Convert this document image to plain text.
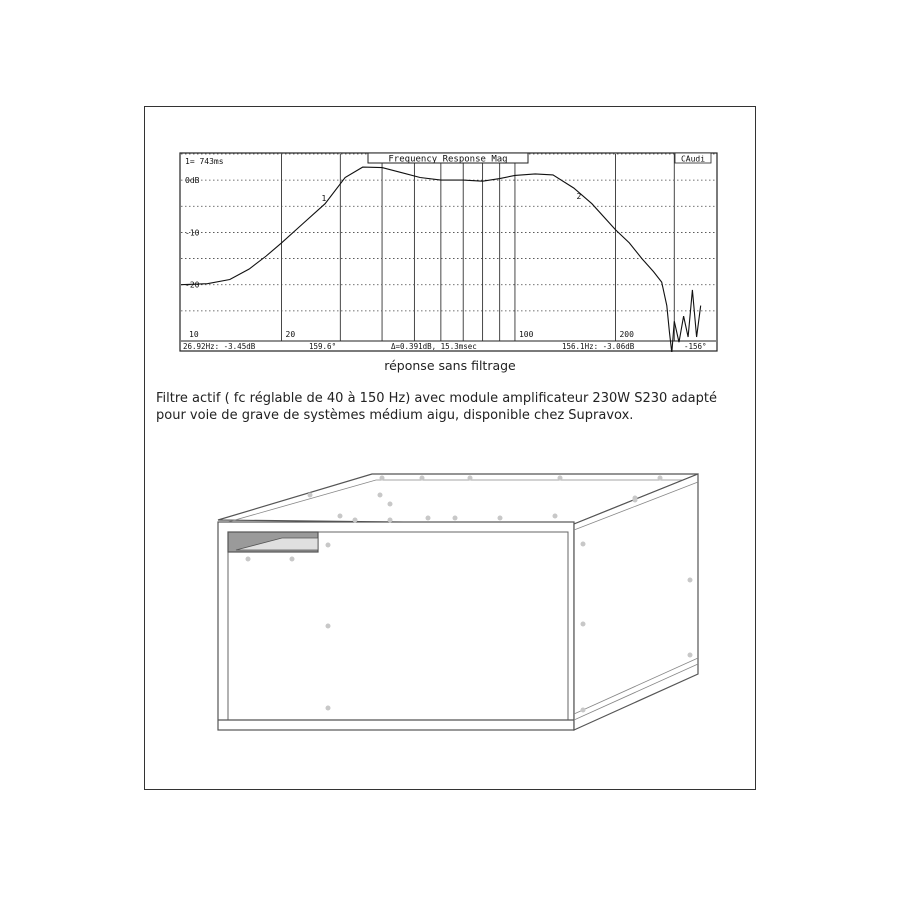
1	2
Frequency Response Mag
1= 743ms	CAudi
0dB
-10
-20
10	20	100	200
26.92Hz: -3.45dB	159.6°	Δ=0.391dB, 15.3msec	156.1Hz: -3.06dB	-156°
réponse sans filtrage

Filtre actif ( fc réglable de 40 à 150 Hz) avec module amplificateur 230W S230 adapté

pour voie de grave de systèmes médium aigu, disponible chez Supravox.
